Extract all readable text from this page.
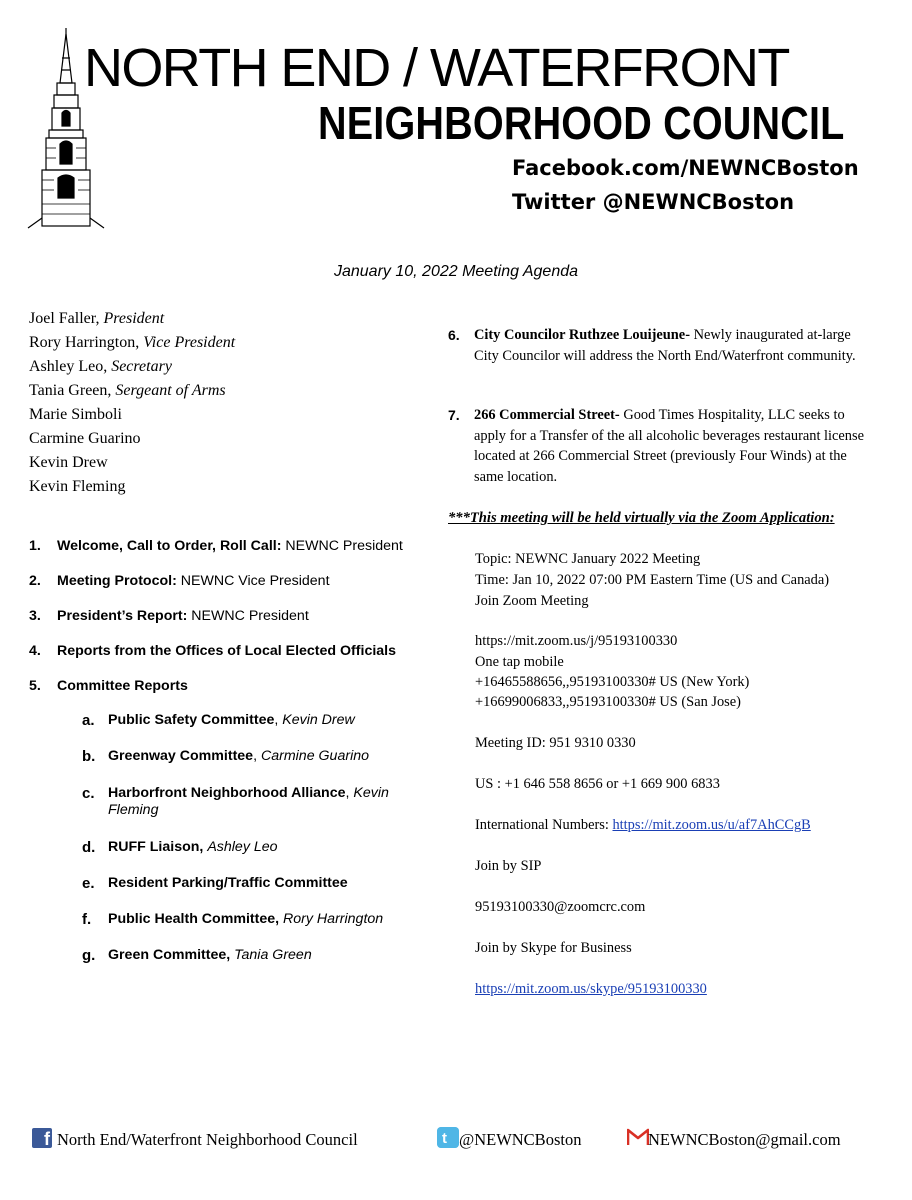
NORTH END / WATERFRONT
NEIGHBORHOOD COUNCIL
Facebook.com/NEWNCBoston
Twitter @NEWNCBoston
January 10, 2022 Meeting Agenda
Joel Faller, President
Rory Harrington, Vice President
Ashley Leo, Secretary
Tania Green, Sergeant of Arms
Marie Simboli
Carmine Guarino
Kevin Drew
Kevin Fleming
1. Welcome, Call to Order, Roll Call: NEWNC President
2. Meeting Protocol: NEWNC Vice President
3. President’s Report: NEWNC President
4. Reports from the Offices of Local Elected Officials
5. Committee Reports
a. Public Safety Committee, Kevin Drew
b. Greenway Committee, Carmine Guarino
c. Harborfront Neighborhood Alliance, Kevin Fleming
d. RUFF Liaison, Ashley Leo
e. Resident Parking/Traffic Committee
f. Public Health Committee, Rory Harrington
g. Green Committee, Tania Green
6. City Councilor Ruthzee Louijeune- Newly inaugurated at-large City Councilor will address the North End/Waterfront community.
7. 266 Commercial Street- Good Times Hospitality, LLC seeks to apply for a Transfer of the all alcoholic beverages restaurant license located at 266 Commercial Street (previously Four Winds) at the same location.
***This meeting will be held virtually via the Zoom Application:
Topic: NEWNC January 2022 Meeting
Time: Jan 10, 2022 07:00 PM Eastern Time (US and Canada)
Join Zoom Meeting
https://mit.zoom.us/j/95193100330
One tap mobile
+16465588656,,95193100330# US (New York)
+16699006833,,95193100330# US (San Jose)
Meeting ID: 951 9310 0330
US : +1 646 558 8656 or +1 669 900 6833
International Numbers: https://mit.zoom.us/u/af7AhCCgB
Join by SIP
95193100330@zoomcrc.com
Join by Skype for Business
https://mit.zoom.us/skype/95193100330
f North End/Waterfront Neighborhood Council	t @NEWNCBoston	NEWNCBoston@gmail.com
